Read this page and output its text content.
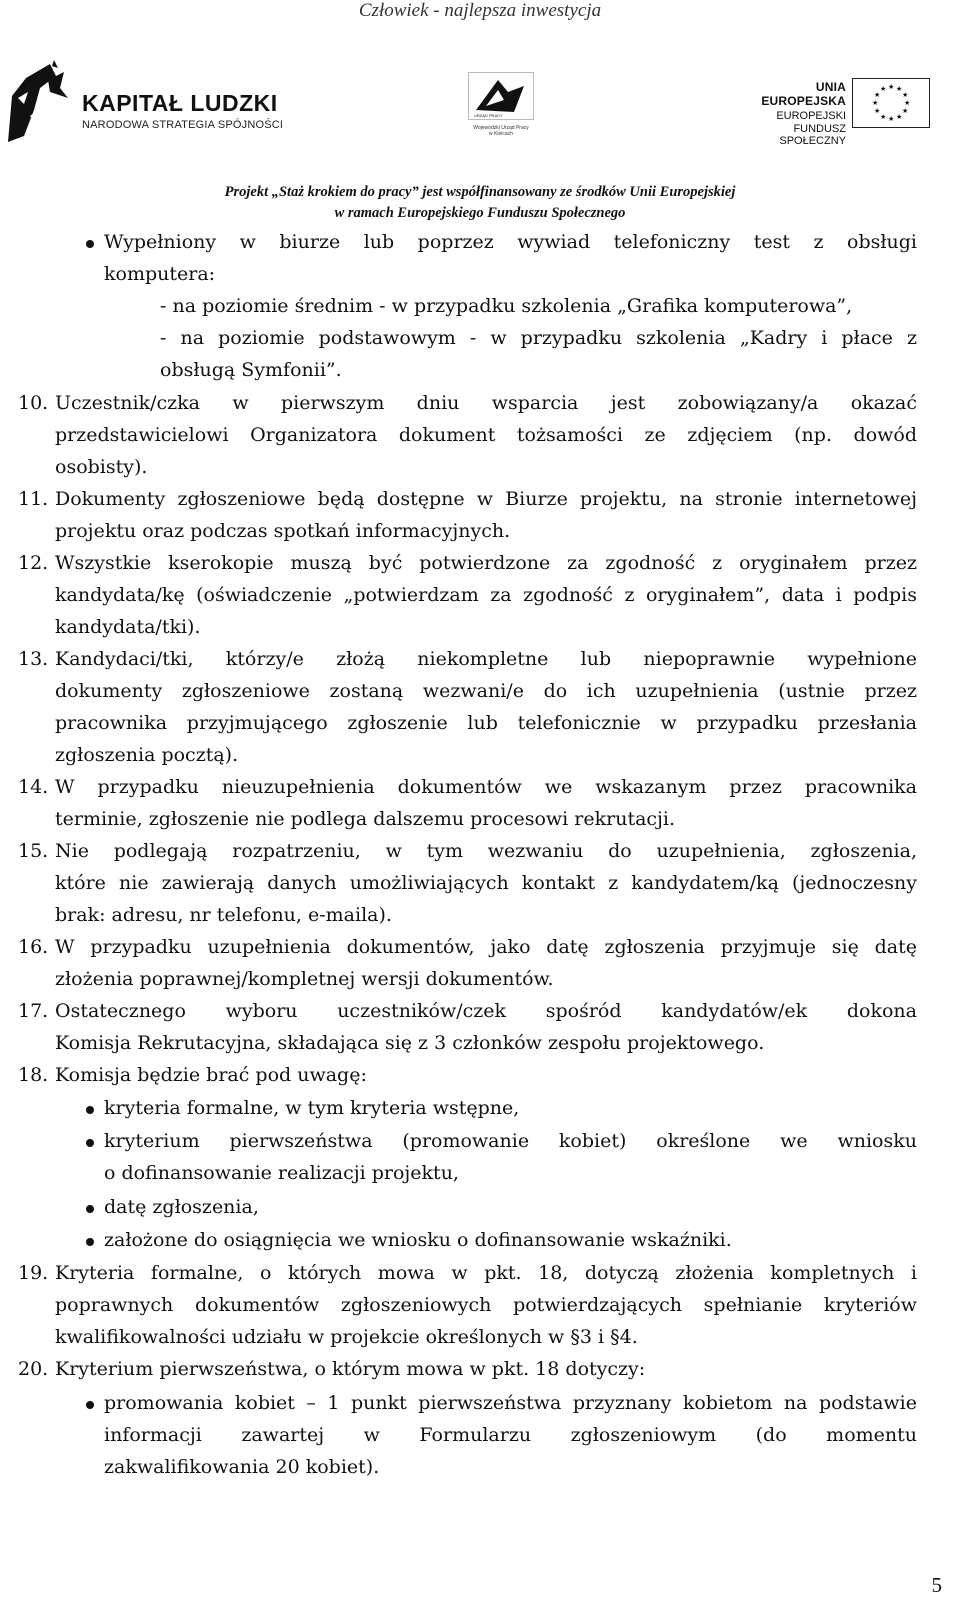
Człowiek - najlepsza inwestycja
KAPITAŁ LUDZKI
NARODOWA STRATEGIA SPÓJNOŚCI
URZĄD PRACY
Wojewódzki Urząd Pracy
w Kielcach
UNIA EUROPEJSKA
EUROPEJSKI
FUNDUSZ SPOŁECZNY
★ ★
★
★
★
★
★
★
★
★
★
★
Projekt „Staż krokiem do pracy” jest współfinansowany ze środków Unii Europejskiej
w ramach Europejskiego Funduszu Społecznego
Wypełniony w biurze lub poprzez wywiad telefoniczny test z obsługi
komputera:
- na poziomie średnim - w przypadku szkolenia „Grafika komputerowa”,
- na poziomie podstawowym - w przypadku szkolenia „Kadry i płace z
obsługą Symfonii”.
10. Uczestnik/czka w pierwszym dniu wsparcia jest zobowiązany/a okazać
przedstawicielowi Organizatora dokument tożsamości ze zdjęciem (np. dowód
osobisty).
11. Dokumenty zgłoszeniowe będą dostępne w Biurze projektu, na stronie internetowej
projektu oraz podczas spotkań informacyjnych.
12. Wszystkie kserokopie muszą być potwierdzone za zgodność z oryginałem przez
kandydata/kę (oświadczenie „potwierdzam za zgodność z oryginałem”, data i podpis
kandydata/tki).
13. Kandydaci/tki, którzy/e złożą niekompletne lub niepoprawnie wypełnione
dokumenty zgłoszeniowe zostaną wezwani/e do ich uzupełnienia (ustnie przez
pracownika przyjmującego zgłoszenie lub telefonicznie w przypadku przesłania
zgłoszenia pocztą).
14. W przypadku nieuzupełnienia dokumentów we wskazanym przez pracownika
terminie, zgłoszenie nie podlega dalszemu procesowi rekrutacji.
15. Nie podlegają rozpatrzeniu, w tym wezwaniu do uzupełnienia, zgłoszenia,
które nie zawierają danych umożliwiających kontakt z kandydatem/ką (jednoczesny
brak: adresu, nr telefonu, e-maila).
16. W przypadku uzupełnienia dokumentów, jako datę zgłoszenia przyjmuje się datę
złożenia poprawnej/kompletnej wersji dokumentów.
17. Ostatecznego wyboru uczestników/czek spośród kandydatów/ek dokona
Komisja Rekrutacyjna, składająca się z 3 członków zespołu projektowego.
18. Komisja będzie brać pod uwagę:
kryteria formalne, w tym kryteria wstępne,
kryterium pierwszeństwa (promowanie kobiet) określone we wniosku
o dofinansowanie realizacji projektu,
datę zgłoszenia,
założone do osiągnięcia we wniosku o dofinansowanie wskaźniki.
19. Kryteria formalne, o których mowa w pkt. 18, dotyczą złożenia kompletnych i
poprawnych dokumentów zgłoszeniowych potwierdzających spełnianie kryteriów
kwalifikowalności udziału w projekcie określonych w §3 i §4.
20. Kryterium pierwszeństwa, o którym mowa w pkt. 18 dotyczy:
promowania kobiet – 1 punkt pierwszeństwa przyznany kobietom na podstawie
informacji zawartej w Formularzu zgłoszeniowym (do momentu
zakwalifikowania 20 kobiet).
5
